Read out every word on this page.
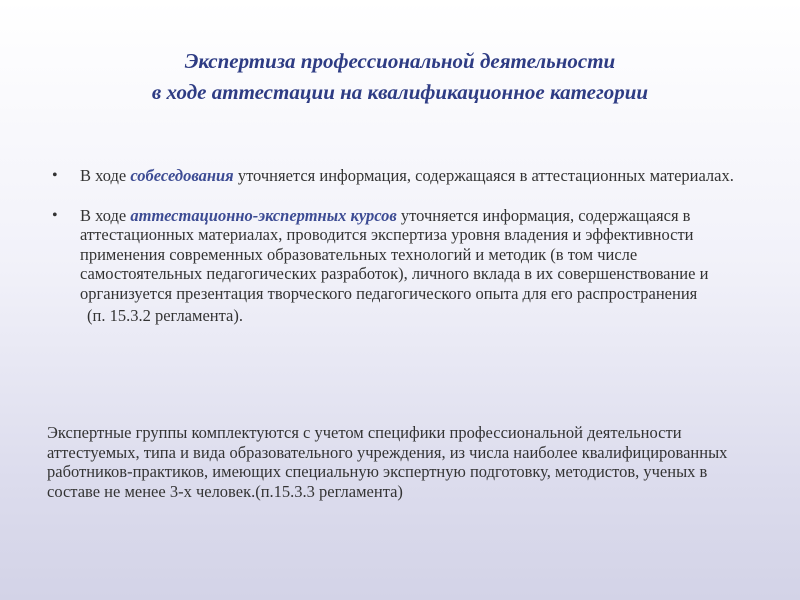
Экспертиза профессиональной деятельности
в ходе аттестации на квалификационное категории
• В ходе собеседования уточняется информация, содержащаяся в аттестационных материалах.
• В ходе аттестационно-экспертных курсов уточняется информация, содержащаяся в аттестационных материалах, проводится экспертиза уровня владения и эффективности применения современных образовательных технологий и методик (в том числе самостоятельных педагогических разработок), личного вклада в их совершенствование и организуется презентация творческого педагогического опыта для его распространения
(п. 15.3.2 регламента).

Экспертные группы комплектуются с учетом специфики профессиональной деятельности аттестуемых, типа и вида образовательного учреждения, из числа наиболее квалифицированных работников-практиков, имеющих специальную экспертную подготовку, методистов, ученых в составе не менее 3-х человек.(п.15.3.3 регламента)
